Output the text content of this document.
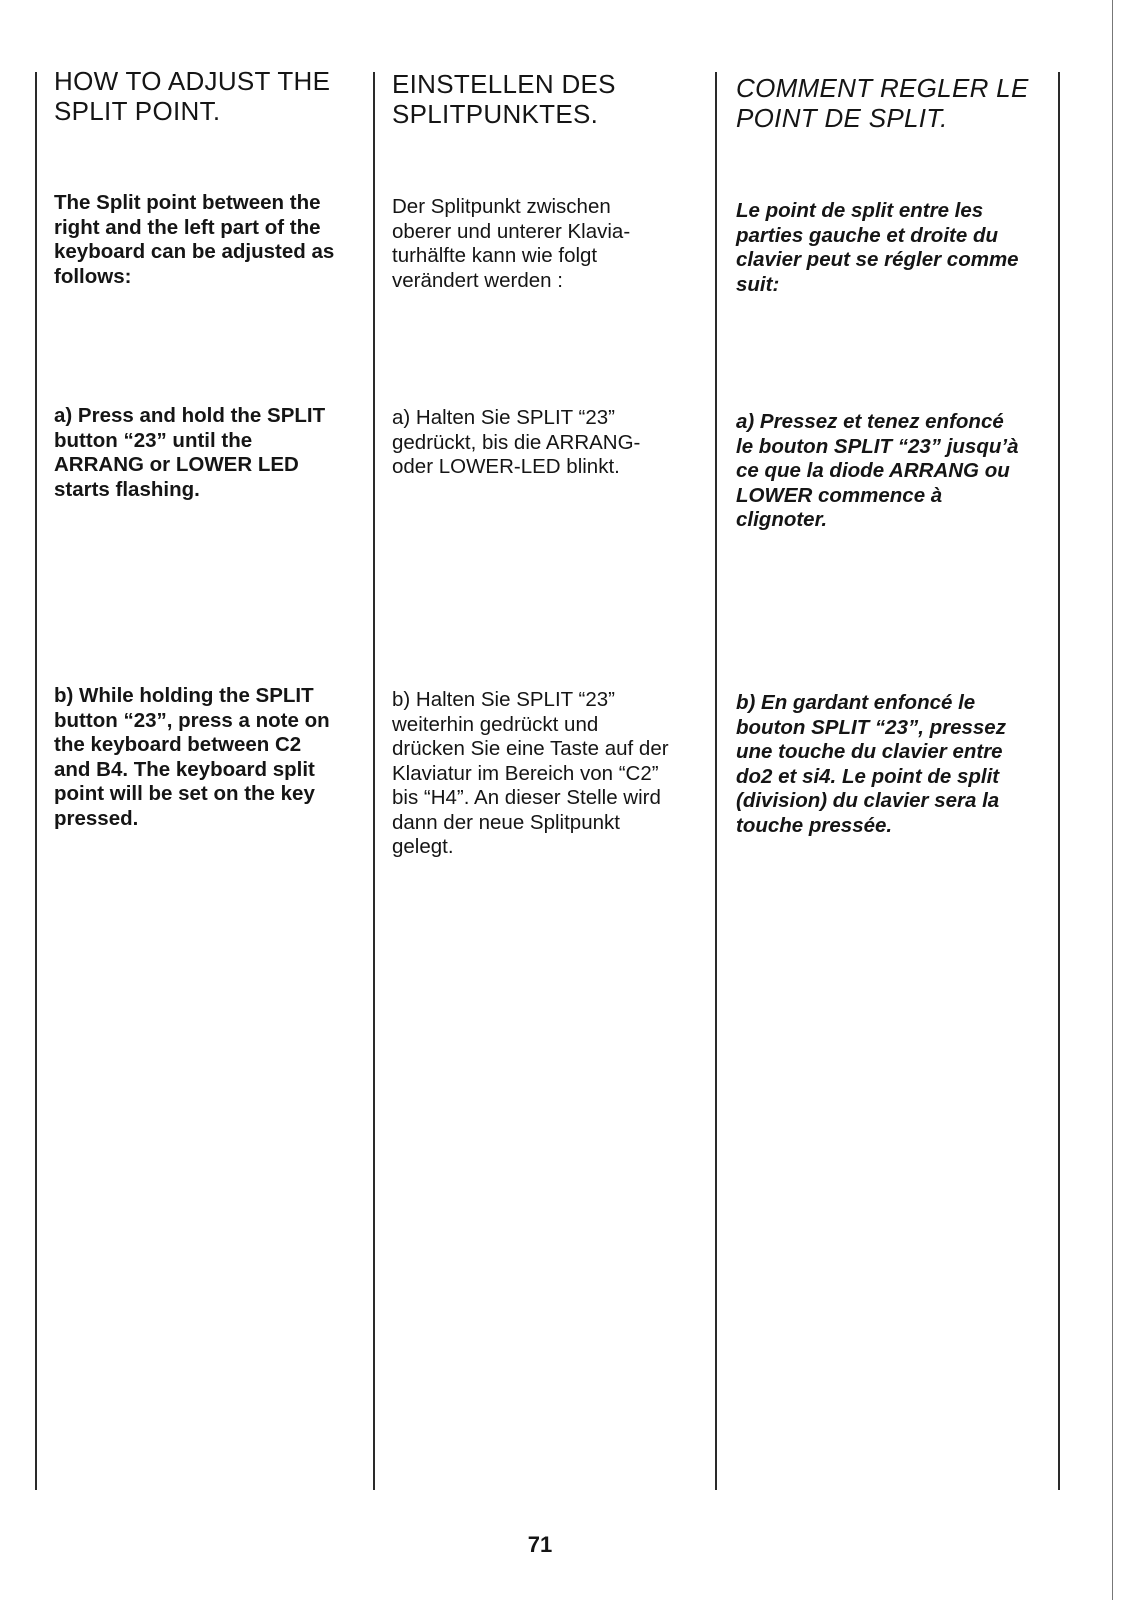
HOW TO ADJUST THE
SPLIT POINT.

The Split point between the
right and the left part of the
keyboard can be adjusted as
follows:

a) Press and hold the SPLIT
button “23” until the
ARRANG or LOWER LED
starts flashing.

b) While holding the SPLIT
button “23”, press a note on
the keyboard between C2
and B4. The keyboard split
point will be set on the key
pressed.

EINSTELLEN DES
SPLITPUNKTES.

Der Splitpunkt zwischen
oberer und unterer Klavia-
turhälfte kann wie folgt
verändert werden :

a) Halten Sie SPLIT “23”
gedrückt, bis die ARRANG-
oder LOWER-LED blinkt.

b) Halten Sie SPLIT “23”
weiterhin gedrückt und
drücken Sie eine Taste auf der
Klaviatur im Bereich von “C2”
bis “H4”. An dieser Stelle wird
dann der neue Splitpunkt
gelegt.

COMMENT REGLER LE
POINT DE SPLIT.

Le point de split entre les
parties gauche et droite du
clavier peut se régler comme
suit:

a) Pressez et tenez enfoncé
le bouton SPLIT “23” jusqu’à
ce que la diode ARRANG ou
LOWER commence à
clignoter.

b) En gardant enfoncé le
bouton SPLIT “23”, pressez
une touche du clavier entre
do2 et si4. Le point de split
(division) du clavier sera la
touche pressée.

71
